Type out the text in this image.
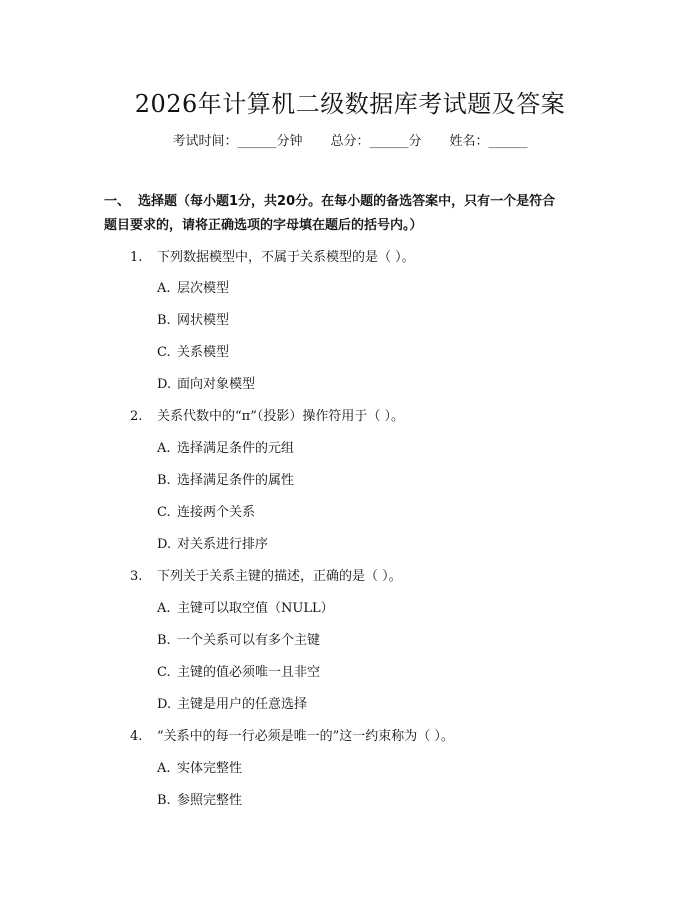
2026年计算机二级数据库考试题及答案
考试时间：______分钟 总分：______分 姓名：______
一、 选择题（每小题1分，共20分。在每小题的备选答案中，只有一个是符合
题目要求的，请将正确选项的字母填在题后的括号内。）
1. 下列数据模型中，不属于关系模型的是（ ）。
A. 层次模型
B. 网状模型
C. 关系模型
D. 面向对象模型
2. 关系代数中的“π”（投影）操作符用于（ ）。
A. 选择满足条件的元组
B. 选择满足条件的属性
C. 连接两个关系
D. 对关系进行排序
3. 下列关于关系主键的描述，正确的是（ ）。
A. 主键可以取空值（NULL）
B. 一个关系可以有多个主键
C. 主键的值必须唯一且非空
D. 主键是用户的任意选择
4. “关系中的每一行必须是唯一的”这一约束称为（ ）。
A. 实体完整性
B. 参照完整性
